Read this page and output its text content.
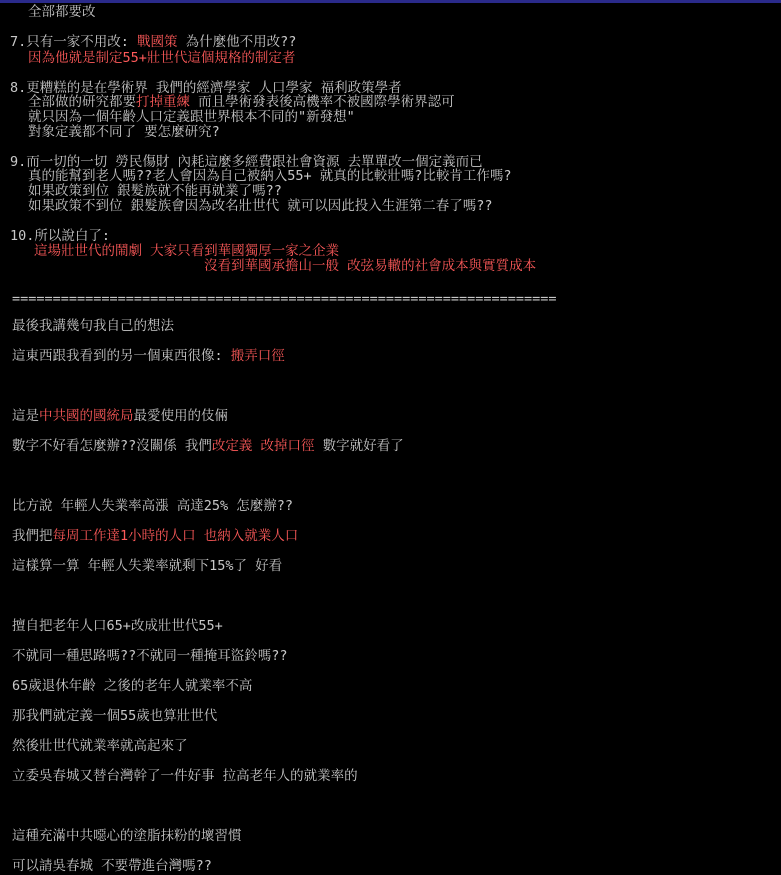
全部都要改
7.只有一家不用改: 戰國策 為什麼他不用改??
因為他就是制定55+壯世代這個規格的制定者
8.更糟糕的是在學術界 我們的經濟學家 人口學家 福利政策學者
全部做的研究都要打掉重練 而且學術發表後高機率不被國際學術界認可
就只因為一個年齡人口定義跟世界根本不同的"新發想"
對象定義都不同了 要怎麼研究?
9.而一切的一切 勞民傷財 內耗這麼多經費跟社會資源 去單單改一個定義而已
真的能幫到老人嗎??老人會因為自己被納入55+ 就真的比較壯嗎?比較肯工作嗎?
如果政策到位 銀髮族就不能再就業了嗎??
如果政策不到位 銀髮族會因為改名壯世代 就可以因此投入生涯第二春了嗎??
10.所以說白了:
這場壯世代的鬧劇 大家只看到華國獨厚一家之企業
沒看到華國承擔山一般 改弦易轍的社會成本與實質成本
===================================================================
最後我講幾句我自己的想法
這東西跟我看到的另一個東西很像: 搬弄口徑
這是中共國的國統局最愛使用的伎倆
數字不好看怎麼辦??沒關係 我們改定義 改掉口徑 數字就好看了
比方說 年輕人失業率高漲 高達25% 怎麼辦??
我們把每周工作達1小時的人口 也納入就業人口
這樣算一算 年輕人失業率就剩下15%了 好看
擅自把老年人口65+改成壯世代55+
不就同一種思路嗎??不就同一種掩耳盜鈴嗎??
65歲退休年齡 之後的老年人就業率不高
那我們就定義一個55歲也算壯世代
然後壯世代就業率就高起來了
立委吳春城又替台灣幹了一件好事 拉高老年人的就業率的
這種充滿中共噁心的塗脂抹粉的壞習慣
可以請吳春城 不要帶進台灣嗎??
